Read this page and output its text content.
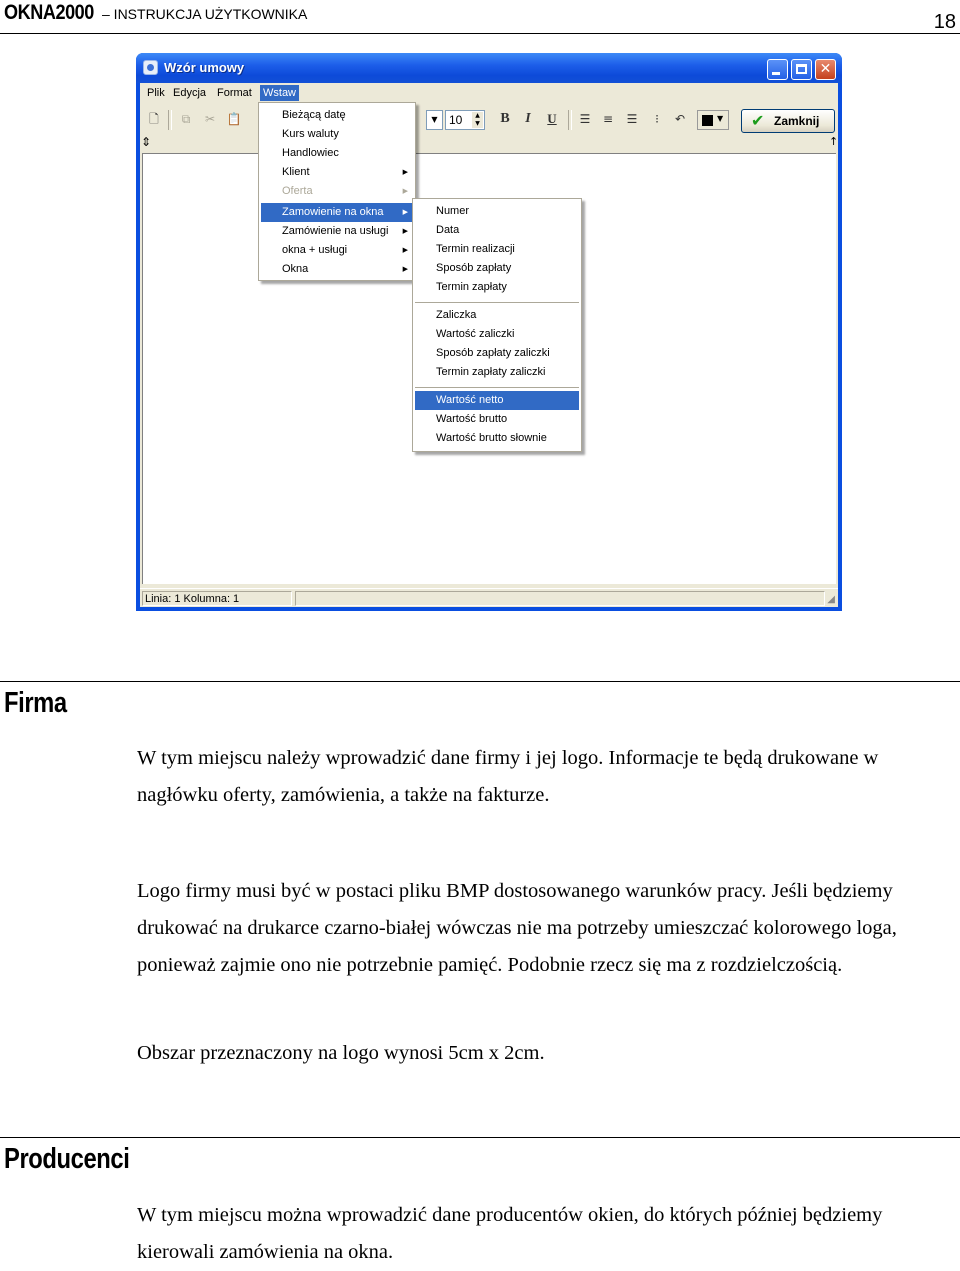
OKNA2000 – INSTRUKCJA UŻYTKOWNIKA	18
Wzór umowy	✕
Plik Edycja Format Wstaw
🗋	⧉	✂ 📋	▼ 10	▲
▼ B	I	U ☰ ≡ ☰	⁝	↶	▼ ✔ Zamknij
⇕	↑
Linia: 1 Kolumna: 1	◢
Bieżącą datę
Kurs waluty
Handlowiec
Klient	▶
Oferta	▶
Zamowienie na okna	▶
Zamówienie na usługi ▶
okna + usługi	▶
Okna	▶
Numer
Data
Termin realizacji
Sposób zapłaty
Termin zapłaty
Zaliczka
Wartość zaliczki
Sposób zapłaty zaliczki
Termin zapłaty zaliczki
Wartość netto
Wartość brutto
Wartość brutto słownie
Firma

W tym miejscu należy wprowadzić dane firmy i jej logo. Informacje te będą drukowane w nagłówku oferty, zamówienia, a także na fakturze.

Logo firmy musi być w postaci pliku BMP dostosowanego warunków pracy. Jeśli będziemy drukować na drukarce czarno-białej wówczas nie ma potrzeby umieszczać kolorowego loga, ponieważ zajmie ono nie potrzebnie pamięć. Podobnie rzecz się ma z rozdzielczością.

Obszar przeznaczony na logo wynosi 5cm x 2cm.

Producenci

W tym miejscu można wprowadzić dane producentów okien, do których później będziemy kierowali zamówienia na okna.
